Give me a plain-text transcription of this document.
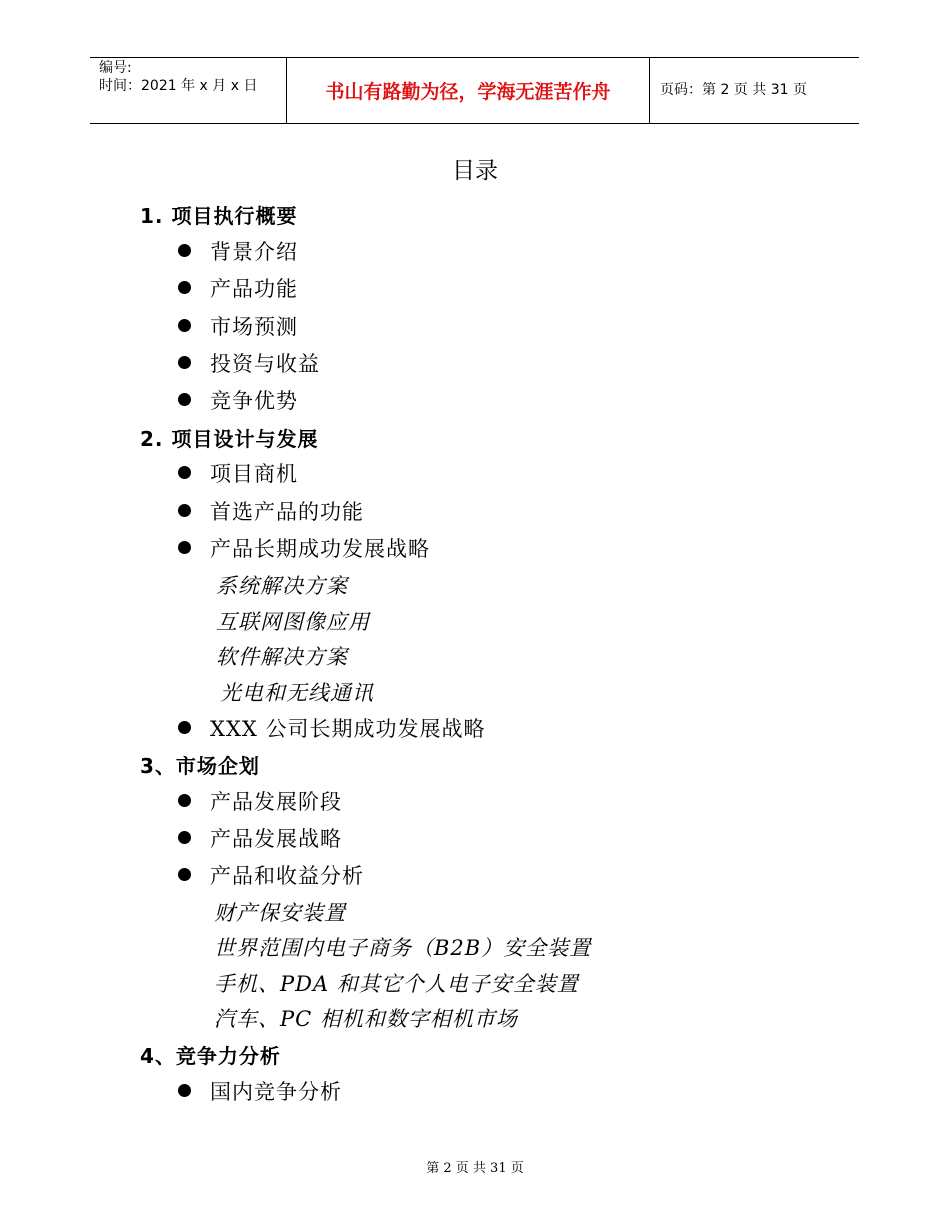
编号:
时间：2021 年 x 月 x 日	书山有路勤为径，学海无涯苦作舟	页码：第 2 页 共 31 页
目录
1. 项目执行概要
背景介绍
产品功能
市场预测
投资与收益
竞争优势
2. 项目设计与发展
项目商机
首选产品的功能
产品长期成功发展战略
系统解决方案
互联网图像应用
软件解决方案
光电和无线通讯
XXX 公司长期成功发展战略
3、市场企划
产品发展阶段
产品发展战略
产品和收益分析
财产保安装置
世界范围内电子商务（B2B）安全装置
手机、PDA 和其它个人电子安全装置
汽车、PC 相机和数字相机市场
4、竞争力分析
国内竞争分析
第 2 页 共 31 页
